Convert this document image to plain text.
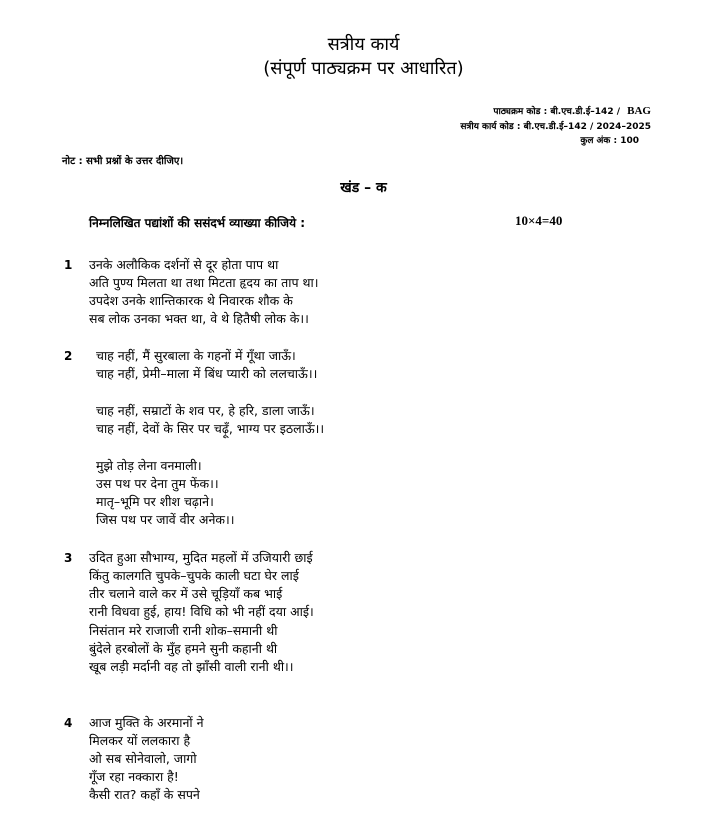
सत्रीय कार्य
(संपूर्ण पाठ्यक्रम पर आधारित)
पाठ्यक्रम कोड : बी.एच.डी.ई–142 / BAG
सत्रीय कार्य कोड : बी.एच.डी.ई–142 / 2024–2025
कुल अंक : 100
नोट : सभी प्रश्नों के उत्तर दीजिए।
खंड – क
निम्नलिखित पद्यांशों की ससंदर्भ व्याख्या कीजिये :	10×4=40
1 उनके अलौकिक दर्शनों से दूर होता पाप था
अति पुण्य मिलता था तथा मिटता हृदय का ताप था।
उपदेश उनके शान्तिकारक थे निवारक शौक के
सब लोक उनका भक्त था, वे थे हितैषी लोक के।।
2 चाह नहीं, मैं सुरबाला के गहनों में गूँथा जाऊँ।
चाह नहीं, प्रेमी–माला में बिंध प्यारी को ललचाऊँ।।
चाह नहीं, सम्राटों के शव पर, हे हरि, डाला जाऊँ।
चाह नहीं, देवों के सिर पर चढ़ूँ, भाग्य पर इठलाऊँ।।
मुझे तोड़ लेना वनमाली।
उस पथ पर देना तुम फेंक।।
मातृ–भूमि पर शीश चढ़ाने।
जिस पथ पर जावें वीर अनेक।।
3 उदित हुआ सौभाग्य, मुदित महलों में उजियारी छाई
किंतु कालगति चुपके–चुपके काली घटा घेर लाई
तीर चलाने वाले कर में उसे चूड़ियाँ कब भाई
रानी विधवा हुई, हाय! विधि को भी नहीं दया आई।
निसंतान मरे राजाजी रानी शोक–समानी थी
बुंदेले हरबोलों के मुँह हमने सुनी कहानी थी
खूब लड़ी मर्दानी वह तो झाँसी वाली रानी थी।।
4 आज मुक्ति के अरमानों ने
मिलकर यों ललकारा है
ओ सब सोनेवालो, जागो
गूँज रहा नक्कारा है!
कैसी रात? कहाँ के सपने
